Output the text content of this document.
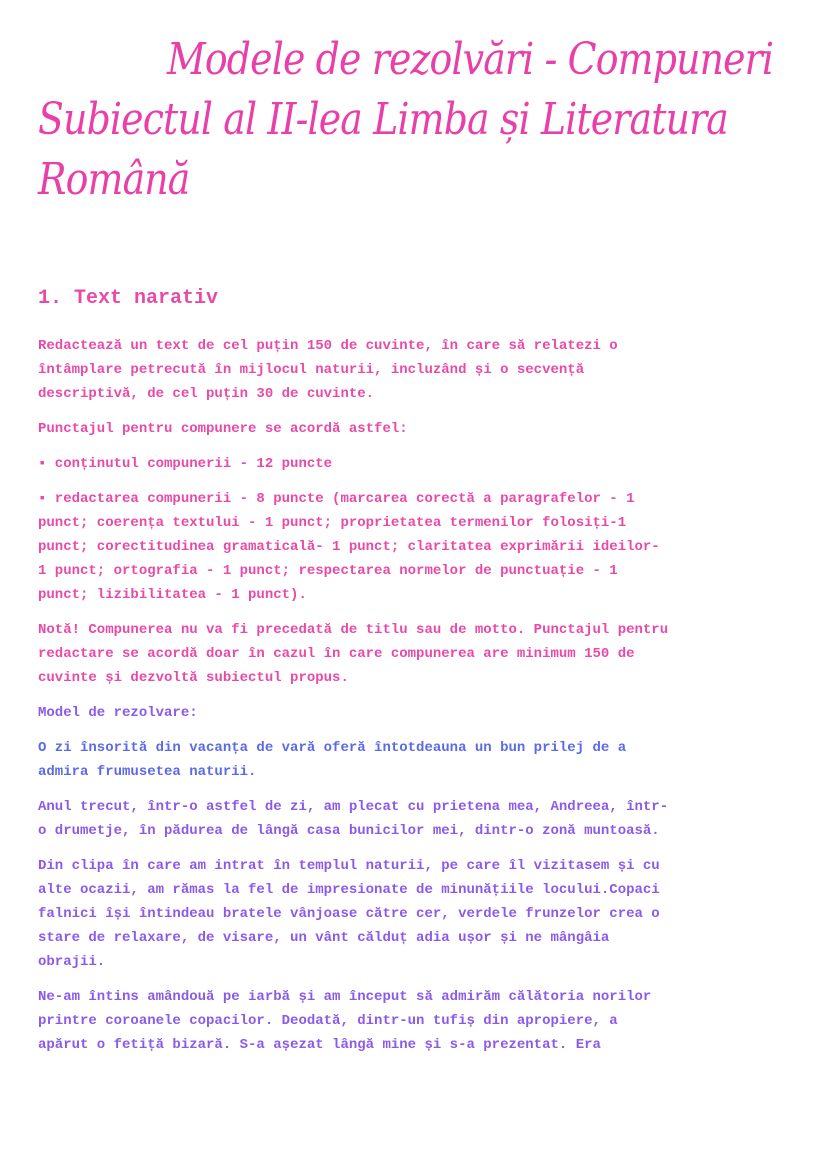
Modele de rezolvări - Compuneri
Subiectul al II-lea Limba și Literatura
Română
1. Text narativ
Redactează un text de cel puțin 150 de cuvinte, în care să relatezi o
întâmplare petrecută în mijlocul naturii, incluzând și o secvență
descriptivă, de cel puțin 30 de cuvinte.
Punctajul pentru compunere se acordă astfel:
▪ conținutul compunerii - 12 puncte
▪ redactarea compunerii - 8 puncte (marcarea corectă a paragrafelor - 1
punct; coerența textului - 1 punct; proprietatea termenilor folosiți-1
punct; corectitudinea gramaticală- 1 punct; claritatea exprimării ideilor-
1 punct; ortografia - 1 punct; respectarea normelor de punctuație - 1
punct; lizibilitatea - 1 punct).
Notă! Compunerea nu va fi precedată de titlu sau de motto. Punctajul pentru
redactare se acordă doar în cazul în care compunerea are minimum 150 de
cuvinte și dezvoltă subiectul propus.
Model de rezolvare:
O zi însorită din vacanța de vară oferă întotdeauna un bun prilej de a
admira frumusetea naturii.
Anul trecut, într-o astfel de zi, am plecat cu prietena mea, Andreea, într-
o drumetje, în pădurea de lângă casa bunicilor mei, dintr-o zonă muntoasă.
Din clipa în care am intrat în templul naturii, pe care îl vizitasem și cu
alte ocazii, am rămas la fel de impresionate de minunățiile locului.Copaci
falnici își întindeau bratele vânjoase către cer, verdele frunzelor crea o
stare de relaxare, de visare, un vânt călduț adia ușor și ne mângâia
obrajii.
Ne-am întins amândouă pe iarbă și am început să admirăm călătoria norilor
printre coroanele copacilor. Deodată, dintr-un tufiș din apropiere, a
apărut o fetiță bizară. S-a așezat lângă mine și s-a prezentat. Era
